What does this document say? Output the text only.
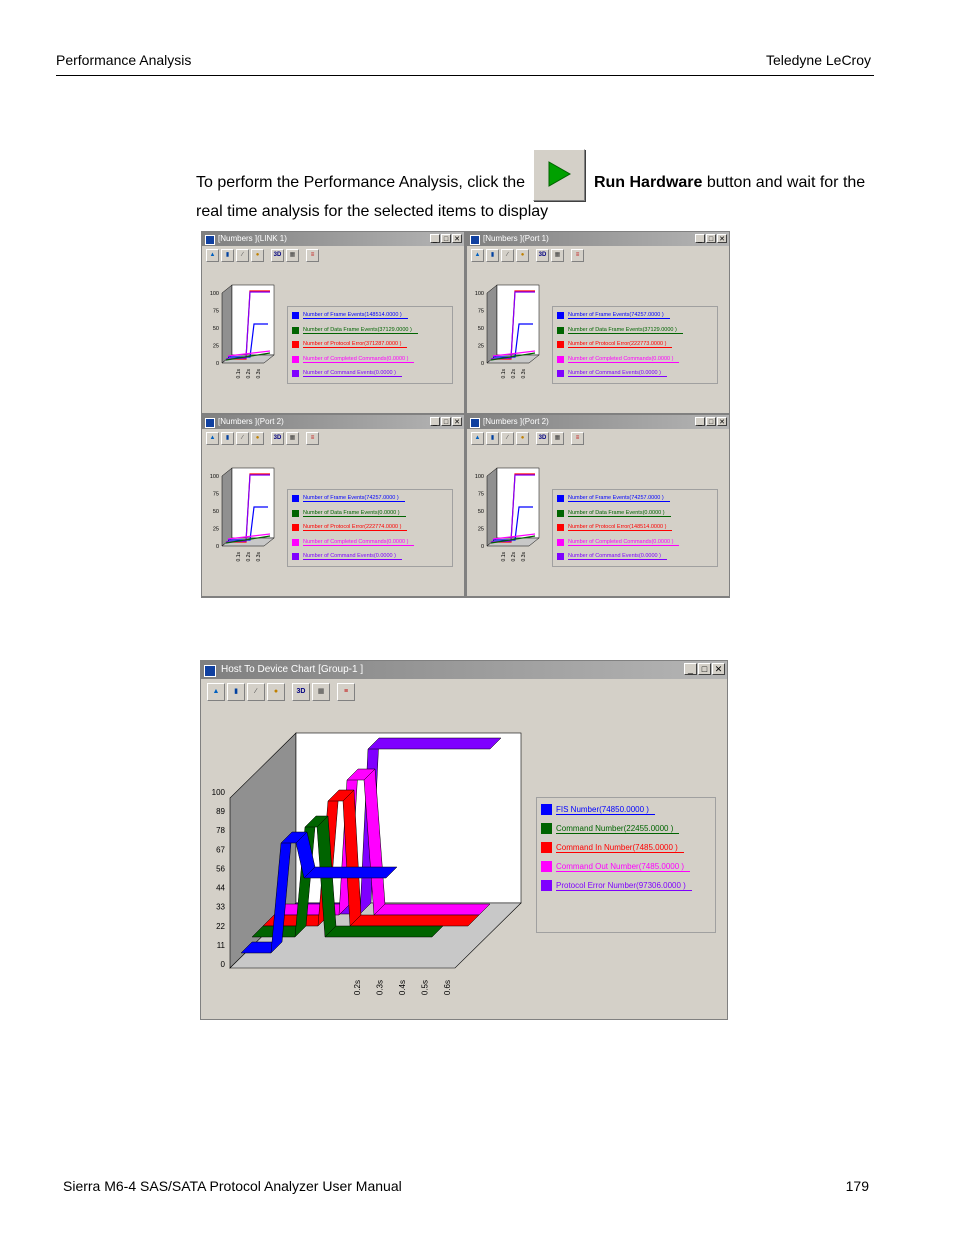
Performance Analysis	Teledyne LeCroy
To perform the Performance Analysis, click the	Run Hardware button and wait for the real time analysis for the selected items to display
[Numbers ](LINK 1)	_ □ ✕
▲	▮	∕	●	3D	▦	≡
100
75
50
25
0
0.1s 0.2s 0.3s
Number of Frame Events(148514.0000 )
Number of Data Frame Events(37129.0000 )
Number of Protocol Error(371287.0000 )
Number of Completed Commands(0.0000 )
Number of Command Events(0.0000 )
[Numbers ](Port 1)	_ □ ✕
▲	▮	∕	●	3D	▦	≡
100
75
50
25
0
0.1s 0.2s 0.3s
Number of Frame Events(74257.0000 )
Number of Data Frame Events(37129.0000 )
Number of Protocol Error(222773.0000 )
Number of Completed Commands(0.0000 )
Number of Command Events(0.0000 )
[Numbers ](Port 2)	_ □ ✕
▲	▮	∕	●	3D	▦	≡
100
75
50
25
0
0.1s 0.2s 0.3s
Number of Frame Events(74257.0000 )
Number of Data Frame Events(0.0000 )
Number of Protocol Error(222774.0000 )
Number of Completed Commands(0.0000 )
Number of Command Events(0.0000 )
[Numbers ](Port 2)	_ □ ✕
▲	▮	∕	●	3D	▦	≡
100
75
50
25
0
0.1s 0.2s 0.3s
Number of Frame Events(74257.0000 )
Number of Data Frame Events(0.0000 )
Number of Protocol Error(148514.0000 )
Number of Completed Commands(0.0000 )
Number of Command Events(0.0000 )
Host To Device Chart [Group-1 ]	_ □ ✕
▲	▮	∕	●	3D	▦	≡
100
89
78
67
56
44
33
22
11
0
0.2s 0.3s 0.4s 0.5s 0.6s
FIS Number(74850.0000 )
Command Number(22455.0000 )
Command In Number(7485.0000 )
Command Out Number(7485.0000 )
Protocol Error Number(97306.0000 )
Sierra M6-4 SAS/SATA Protocol Analyzer User Manual	179
